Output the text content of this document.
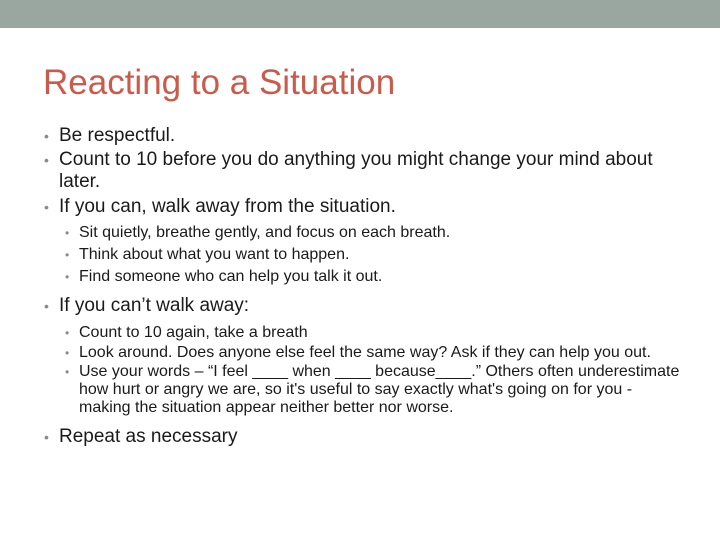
Reacting to a Situation
• Be respectful.
• Count to 10 before you do anything you might change your mind about later.
• If you can, walk away from the situation.
• Sit quietly, breathe gently, and focus on each breath.
• Think about what you want to happen.
• Find someone who can help you talk it out.
• If you can’t walk away:
• Count to 10 again, take a breath
• Look around. Does anyone else feel the same way? Ask if they can help you out.
• Use your words – “I feel ____ when ____ because____.” Others often underestimate how hurt or angry we are, so it's useful to say exactly what's going on for you - making the situation appear neither better nor worse.
• Repeat as necessary
